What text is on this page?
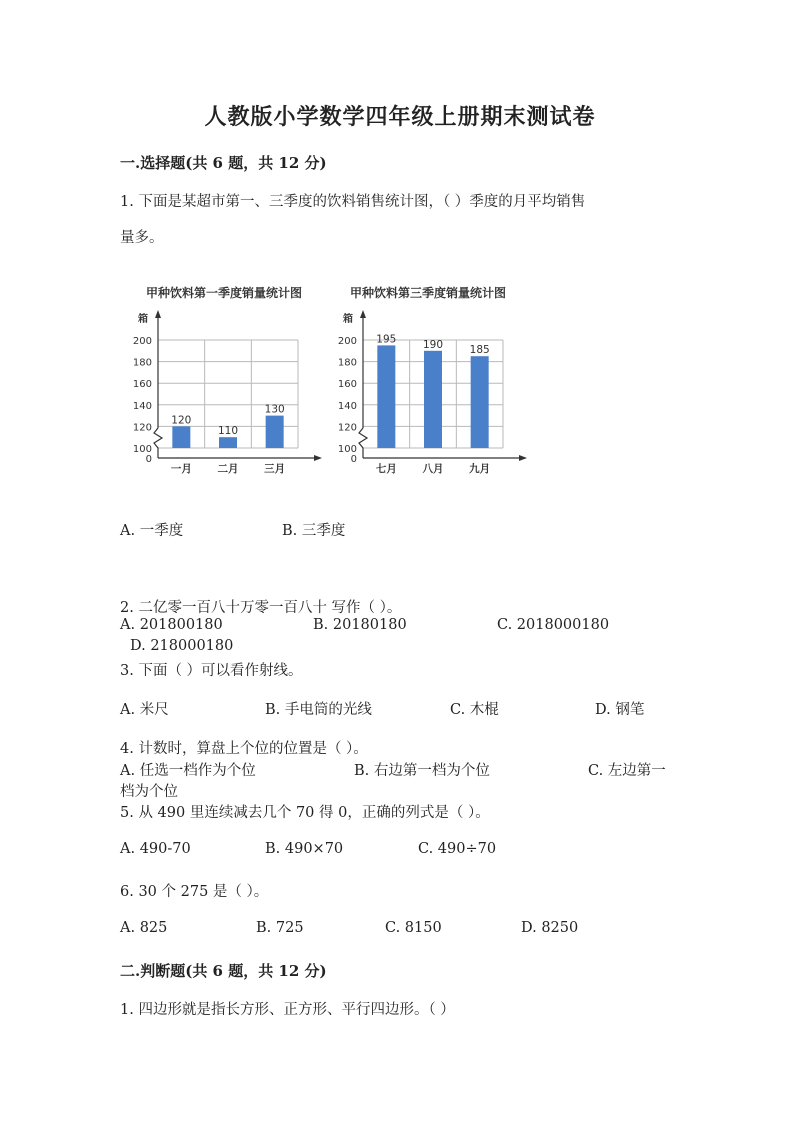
人教版小学数学四年级上册期末测试卷
一.选择题(共 6 题，共 12 分)
1. 下面是某超市第一、三季度的饮料销售统计图，（ ）季度的月平均销售
量多。
甲种饮料第一季度销量统计图	甲种饮料第三季度销量统计图
箱
0
100
120
140
160
180
200
120
一月
110
二月
130
三月
箱
0
100
120
140
160
180
200 195
七月
190
八月
185
九月
A. 一季度	B. 三季度
2. 二亿零一百八十万零一百八十 写作（ ）。
A. 201800180	B. 20180180	C. 2018000180
D. 218000180
3. 下面（ ）可以看作射线。
A. 米尺	B. 手电筒的光线	C. 木棍	D. 钢笔
4. 计数时，算盘上个位的位置是（ ）。
A. 任选一档作为个位	B. 右边第一档为个位	C. 左边第一
档为个位
5. 从 490 里连续减去几个 70 得 0，正确的列式是（ ）。
A. 490-70	B. 490×70	C. 490÷70
6. 30 个 275 是（ ）。
A. 825	B. 725	C. 8150	D. 8250
二.判断题(共 6 题，共 12 分)
1. 四边形就是指长方形、正方形、平行四边形。（ ）
